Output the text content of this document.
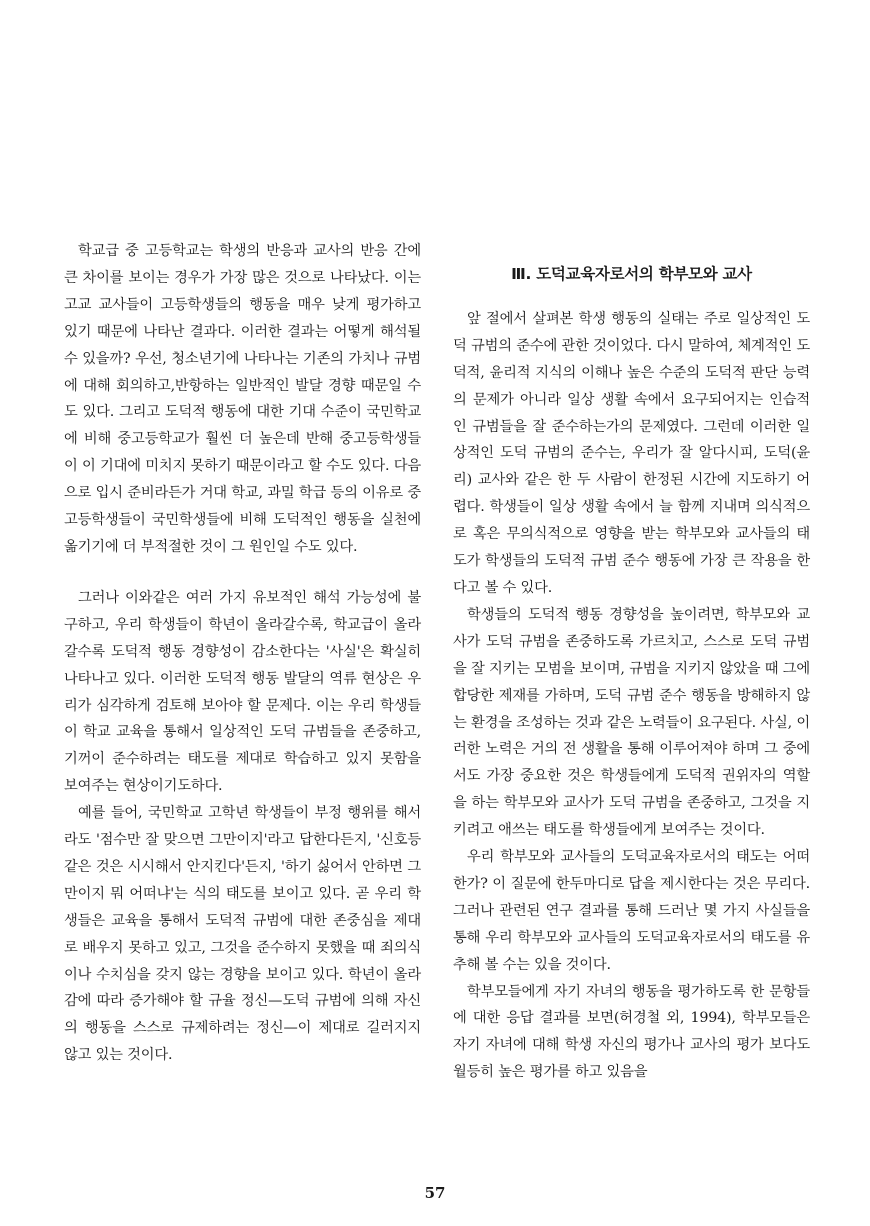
학교급 중 고등학교는 학생의 반응과 교사의 반응 간에 큰 차이를 보이는 경우가 가장 많은 것으로 나타났다. 이는 고교 교사들이 고등학생들의 행동을 매우 낮게 평가하고 있기 때문에 나타난 결과다. 이러한 결과는 어떻게 해석될 수 있을까? 우선, 청소년기에 나타나는 기존의 가치나 규범에 대해 회의하고,반항하는 일반적인 발달 경향 때문일 수도 있다. 그리고 도덕적 행동에 대한 기대 수준이 국민학교에 비해 중고등학교가 훨씬 더 높은데 반해 중고등학생들이 이 기대에 미치지 못하기 때문이라고 할 수도 있다. 다음으로 입시 준비라든가 거대 학교, 과밀 학급 등의 이유로 중고등학생들이 국민학생들에 비해 도덕적인 행동을 실천에 옮기기에 더 부적절한 것이 그 원인일 수도 있다.

그러나 이와같은 여러 가지 유보적인 해석 가능성에 불구하고, 우리 학생들이 학년이 올라갈수록, 학교급이 올라갈수록 도덕적 행동 경향성이 감소한다는 '사실'은 확실히 나타나고 있다. 이러한 도덕적 행동 발달의 역류 현상은 우리가 심각하게 검토해 보아야 할 문제다. 이는 우리 학생들이 학교 교육을 통해서 일상적인 도덕 규범들을 존중하고, 기꺼이 준수하려는 태도를 제대로 학습하고 있지 못함을 보여주는 현상이기도하다.

예를 들어, 국민학교 고학년 학생들이 부정 행위를 해서라도 '점수만 잘 맞으면 그만이지'라고 답한다든지, '신호등 같은 것은 시시해서 안지킨다'든지, '하기 싫어서 안하면 그만이지 뭐 어떠냐'는 식의 태도를 보이고 있다. 곧 우리 학생들은 교육을 통해서 도덕적 규범에 대한 존중심을 제대로 배우지 못하고 있고, 그것을 준수하지 못했을 때 죄의식이나 수치심을 갖지 않는 경향을 보이고 있다. 학년이 올라감에 따라 증가해야 할 규율 정신—도덕 규범에 의해 자신의 행동을 스스로 규제하려는 정신—이 제대로 길러지지 않고 있는 것이다.

Ⅲ. 도덕교육자로서의 학부모와 교사

앞 절에서 살펴본 학생 행동의 실태는 주로 일상적인 도덕 규범의 준수에 관한 것이었다. 다시 말하여, 체계적인 도덕적, 윤리적 지식의 이해나 높은 수준의 도덕적 판단 능력의 문제가 아니라 일상 생활 속에서 요구되어지는 인습적인 규범들을 잘 준수하는가의 문제였다. 그런데 이러한 일상적인 도덕 규범의 준수는, 우리가 잘 알다시피, 도덕(윤리) 교사와 같은 한 두 사람이 한정된 시간에 지도하기 어렵다. 학생들이 일상 생활 속에서 늘 함께 지내며 의식적으로 혹은 무의식적으로 영향을 받는 학부모와 교사들의 태도가 학생들의 도덕적 규범 준수 행동에 가장 큰 작용을 한다고 볼 수 있다.

학생들의 도덕적 행동 경향성을 높이려면, 학부모와 교사가 도덕 규범을 존중하도록 가르치고, 스스로 도덕 규범을 잘 지키는 모범을 보이며, 규범을 지키지 않았을 때 그에 합당한 제재를 가하며, 도덕 규범 준수 행동을 방해하지 않는 환경을 조성하는 것과 같은 노력들이 요구된다. 사실, 이러한 노력은 거의 전 생활을 통해 이루어져야 하며 그 중에서도 가장 중요한 것은 학생들에게 도덕적 권위자의 역할을 하는 학부모와 교사가 도덕 규범을 존중하고, 그것을 지키려고 애쓰는 태도를 학생들에게 보여주는 것이다.

우리 학부모와 교사들의 도덕교육자로서의 태도는 어떠한가? 이 질문에 한두마디로 답을 제시한다는 것은 무리다. 그러나 관련된 연구 결과를 통해 드러난 몇 가지 사실들을 통해 우리 학부모와 교사들의 도덕교육자로서의 태도를 유추해 볼 수는 있을 것이다.

학부모들에게 자기 자녀의 행동을 평가하도록 한 문항들에 대한 응답 결과를 보면(허경철 외, 1994), 학부모들은 자기 자녀에 대해 학생 자신의 평가나 교사의 평가 보다도 월등히 높은 평가를 하고 있음을

57
